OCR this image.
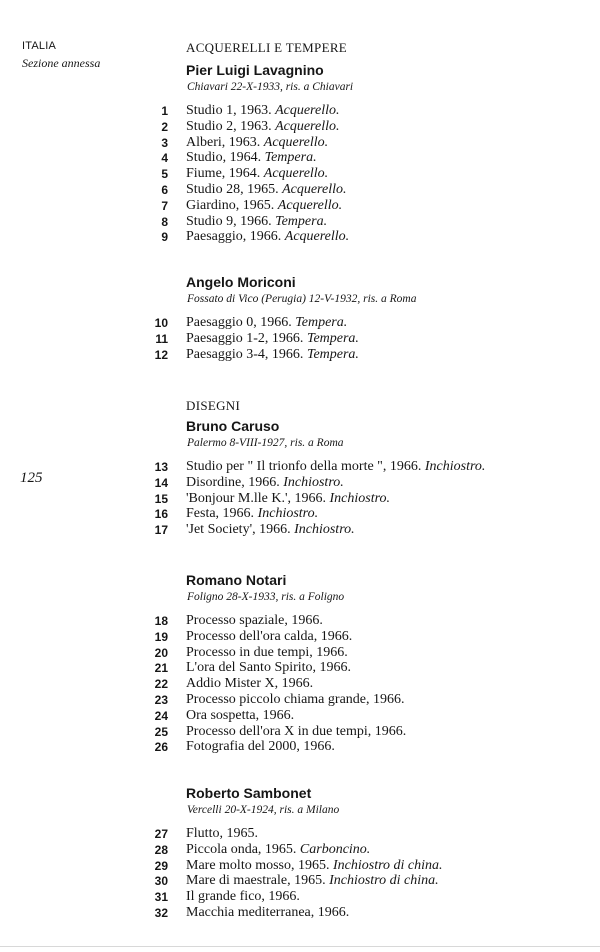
ITALIA
Sezione annessa
125
ACQUERELLI E TEMPERE
Pier Luigi Lavagnino
Chiavari 22-X-1933, ris. a Chiavari
1 Studio 1, 1963. Acquerello.
2 Studio 2, 1963. Acquerello.
3 Alberi, 1963. Acquerello.
4 Studio, 1964. Tempera.
5 Fiume, 1964. Acquerello.
6 Studio 28, 1965. Acquerello.
7 Giardino, 1965. Acquerello.
8 Studio 9, 1966. Tempera.
9 Paesaggio, 1966. Acquerello.
Angelo Moriconi
Fossato di Vico (Perugia) 12-V-1932, ris. a Roma
10 Paesaggio 0, 1966. Tempera.
11 Paesaggio 1-2, 1966. Tempera.
12 Paesaggio 3-4, 1966. Tempera.
DISEGNI
Bruno Caruso
Palermo 8-VIII-1927, ris. a Roma
13 Studio per " Il trionfo della morte ", 1966. Inchiostro.
14 Disordine, 1966. Inchiostro.
15 'Bonjour M.lle K.', 1966. Inchiostro.
16 Festa, 1966. Inchiostro.
17 'Jet Society', 1966. Inchiostro.
Romano Notari
Foligno 28-X-1933, ris. a Foligno
18 Processo spaziale, 1966.
19 Processo dell'ora calda, 1966.
20 Processo in due tempi, 1966.
21 L'ora del Santo Spirito, 1966.
22 Addio Mister X, 1966.
23 Processo piccolo chiama grande, 1966.
24 Ora sospetta, 1966.
25 Processo dell'ora X in due tempi, 1966.
26 Fotografia del 2000, 1966.
Roberto Sambonet
Vercelli 20-X-1924, ris. a Milano
27 Flutto, 1965.
28 Piccola onda, 1965. Carboncino.
29 Mare molto mosso, 1965. Inchiostro di china.
30 Mare di maestrale, 1965. Inchiostro di china.
31 Il grande fico, 1966.
32 Macchia mediterranea, 1966.
